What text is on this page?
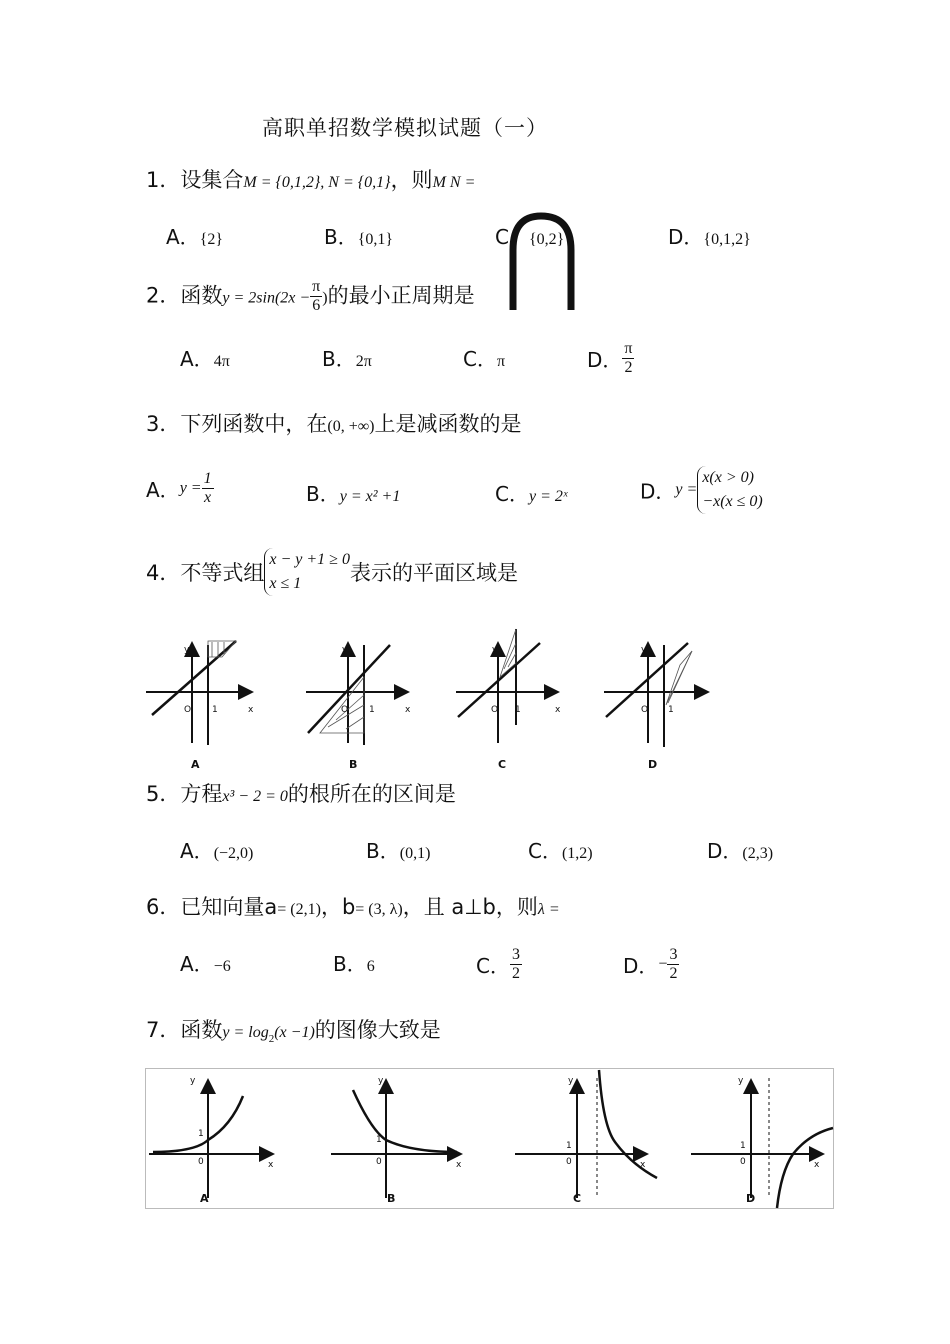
高职单招数学模拟试题（一）
1．设集合M = {0,1,2}, N = {0,1}，则M N =
A．{2}	B．{0,1}	C．{0,2}	D．{0,1,2}
2．函数$y = 2\sin(2x - \frac{\pi}{6}$ )的最小正周期是
A．4π	B．2π	C．π	D． $\frac{\pi}{2}$
3．下列函数中，在(0, +∞)上是减函数的是
A．$y = \frac{1}{x}$	B．y = x² +1	C．y = 2ˣ	D．y =
x(x > 0)
−x(x ≤ 0)
4．不等式组
x − y +1 ≥ 0
x ≤ 1	表示的平面区域是
y
x
O 1
y
x
O 1
y
x
O 1
y
O 1
A	B	C	D
5．方程x³ − 2 = 0的根所在的区间是
A．(−2,0)	B．(0,1)	C．(1,2)	D．(2,3)
6．已知向量a= (2,1)，b= (3, λ)，且 a⊥b，则λ =
A．−6	B．6	C． $\frac{3}{2}$	D．− $\frac{3}{2}$
7．函数$y = \log_2(x -1)$的图像大致是
y
1
0	x
y
1
0	x
y
1
0	x
y
1
0	x
A	B	C	D
